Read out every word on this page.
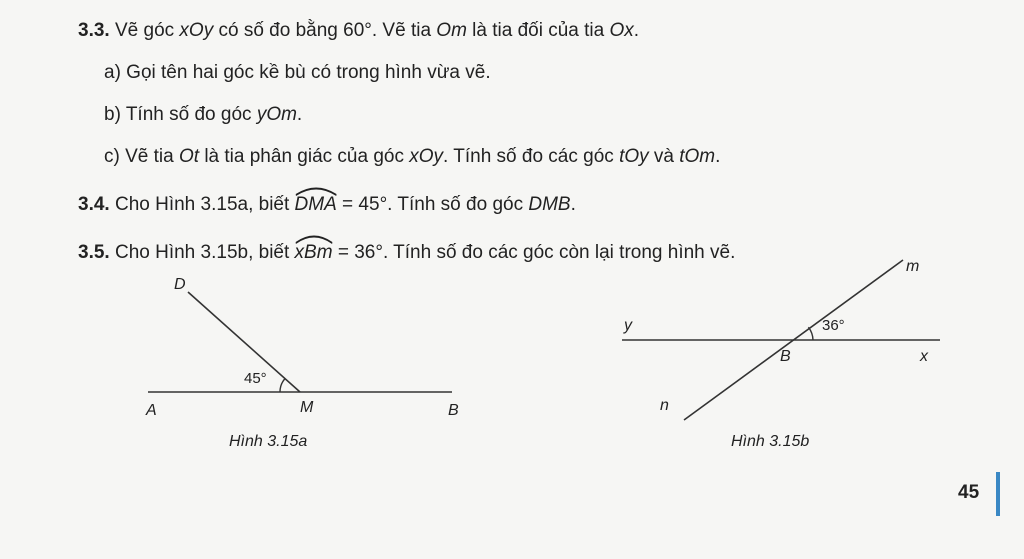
3.3. Vẽ góc xOy có số đo bằng 60°. Vẽ tia Om là tia đối của tia Ox.
a) Gọi tên hai góc kề bù có trong hình vừa vẽ.
b) Tính số đo góc yOm.
c) Vẽ tia Ot là tia phân giác của góc xOy. Tính số đo các góc tOy và tOm.
3.4. Cho Hình 3.15a, biết DMA
= 45°. Tính số đo góc DMB.
3.5. Cho Hình 3.15b, biết xBm
= 36°. Tính số đo các góc còn lại trong hình vẽ.
D
45°
A	M	B
Hình 3.15a
m
y	36°
B	x
n
Hình 3.15b
45
